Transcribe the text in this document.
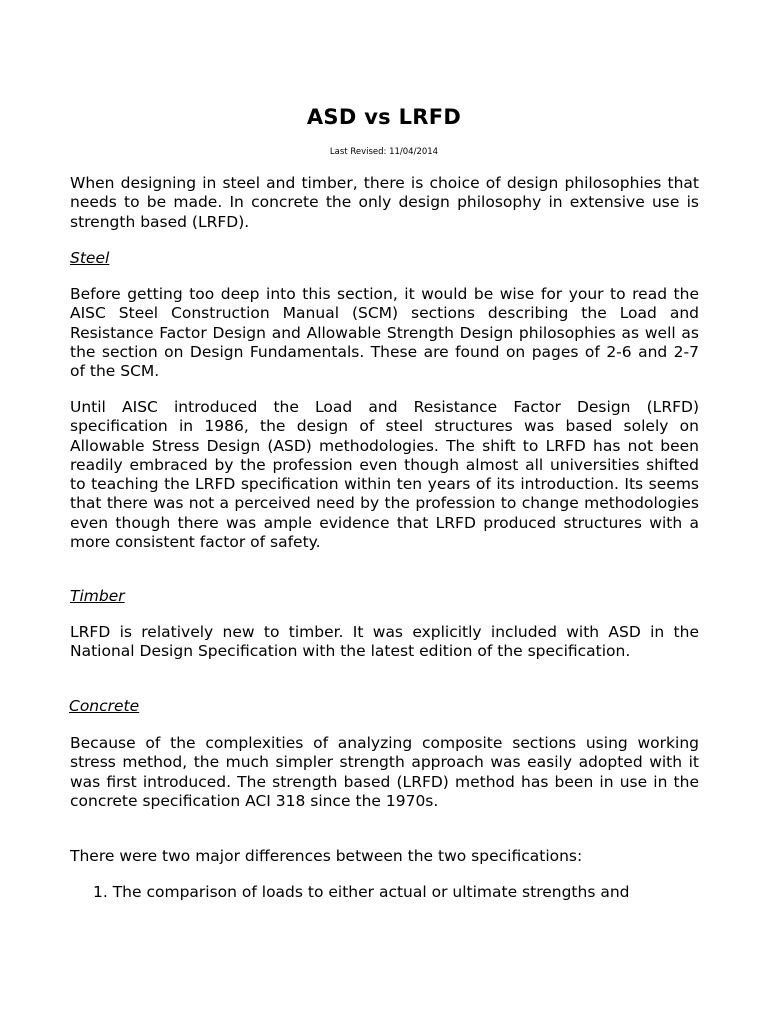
ASD vs LRFD
Last Revised: 11/04/2014

When designing in steel and timber, there is choice of design philosophies that needs to be made. In concrete the only design philosophy in extensive use is strength based (LRFD).

Steel

Before getting too deep into this section, it would be wise for your to read the AISC Steel Construction Manual (SCM) sections describing the Load and Resistance Factor Design and Allowable Strength Design philosophies as well as the section on Design Fundamentals. These are found on pages of 2-6 and 2-7 of the SCM.

Until AISC introduced the Load and Resistance Factor Design (LRFD) specification in 1986, the design of steel structures was based solely on Allowable Stress Design (ASD) methodologies. The shift to LRFD has not been readily embraced by the profession even though almost all universities shifted to teaching the LRFD specification within ten years of its introduction. Its seems that there was not a perceived need by the profession to change methodologies even though there was ample evidence that LRFD produced structures with a more consistent factor of safety.

Timber

LRFD is relatively new to timber. It was explicitly included with ASD in the National Design Specification with the latest edition of the specification.

Concrete

Because of the complexities of analyzing composite sections using working stress method, the much simpler strength approach was easily adopted with it was first introduced. The strength based (LRFD) method has been in use in the concrete specification ACI 318 since the 1970s.

There were two major differences between the two specifications:

1. The comparison of loads to either actual or ultimate strengths and
